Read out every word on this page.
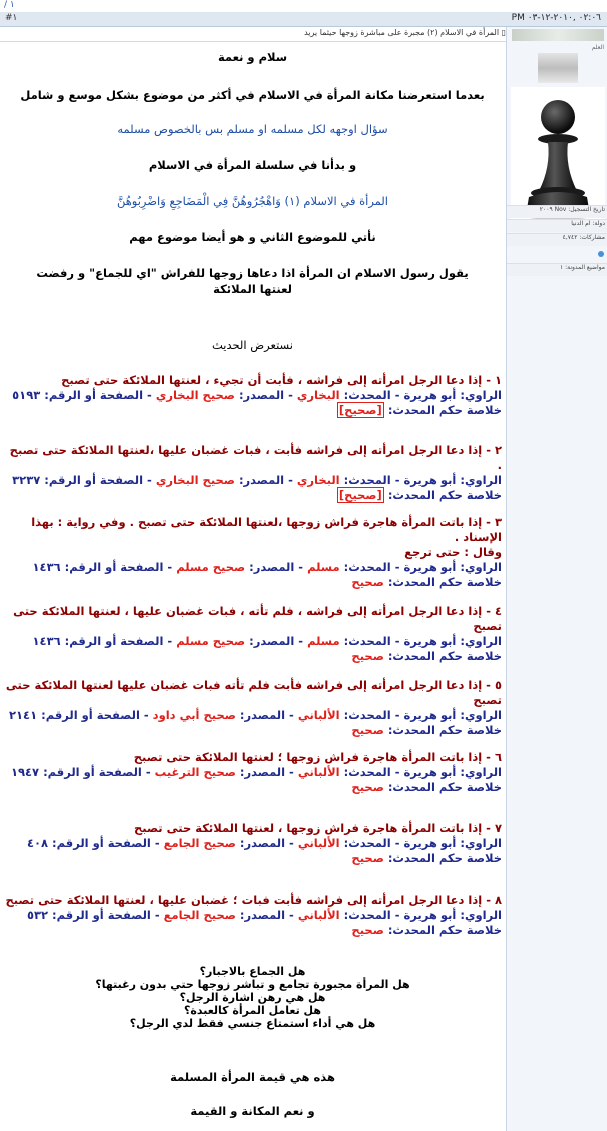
/ ١
#١	PM ٠٢:٠٦ ,٢٠١٠-١٢-٠٣
▯ المرأة في الاسلام (٢) مجبرة على مباشرة زوجها حيثما يريد
العلم
تاريخ التسجيل: Nov ٢٠٠٩
دولة: ام الدنيا
مشاركات: ٤,٧٤٢
مواضيع المدونة: ١

سلام و نعمة

بعدما استعرضنا مكانة المرأة في الاسلام في أكثر من موضوع بشكل موسع و شامل

سؤال اوجهه لكل مسلمه او مسلم بس بالخصوص مسلمه

و بدأنا في سلسلة المرأة في الاسلام

المرأة في الاسلام (١) وَاهْجُرُوهُنَّ فِي الْمَضَاجِعِ وَاضْرِبُوهُنَّ

نأتي للموضوع الثاني و هو أيضا موضوع مهم

يقول رسول الاسلام ان المرأة اذا دعاها زوجها للفراش "اي للجماع" و رفضت

لعنتها الملائكة

نستعرض الحديث

١ - إذا دعا الرجل امرأته إلى فراشه ، فأبت أن تجيء ، لعنتها الملائكة حتى تصبح

الراوي: أبو هريرة - المحدث: البخاري - المصدر: صحيح البخاري - الصفحة أو الرقم: ٥١٩٣

خلاصة حكم المحدث: [صحيح]

٢ - إذا دعا الرجل امرأته إلى فراشه فأبت ، فبات غضبان عليها ،لعنتها الملائكة حتى تصبح .

الراوي: أبو هريرة - المحدث: البخاري - المصدر: صحيح البخاري - الصفحة أو الرقم: ٣٢٣٧

خلاصة حكم المحدث: [صحيح]

٣ - إذا باتت المرأة هاجرة فراش زوجها ،لعنتها الملائكة حتى تصبح . وفي رواية : بهذا الإسناد .

وقال : حتى ترجع

الراوي: أبو هريرة - المحدث: مسلم - المصدر: صحيح مسلم - الصفحة أو الرقم: ١٤٣٦

خلاصة حكم المحدث: صحيح

٤ - إذا دعا الرجل امرأته إلى فراشه ، فلم تأته ، فبات غضبان عليها ، لعنتها الملائكة حتى تصبح

الراوي: أبو هريرة - المحدث: مسلم - المصدر: صحيح مسلم - الصفحة أو الرقم: ١٤٣٦

خلاصة حكم المحدث: صحيح

٥ - إذا دعا الرجل امرأته إلى فراشه فأبت فلم تأته فبات غضبان عليها لعنتها الملائكة حتى تصبح

الراوي: أبو هريرة - المحدث: الألباني - المصدر: صحيح أبي داود - الصفحة أو الرقم: ٢١٤١

خلاصة حكم المحدث: صحيح

٦ - إذا باتت المرأة هاجرة فراش زوجها ؛ لعنتها الملائكة حتى تصبح

الراوي: أبو هريرة - المحدث: الألباني - المصدر: صحيح الترغيب - الصفحة أو الرقم: ١٩٤٧

خلاصة حكم المحدث: صحيح

٧ - إذا باتت المرأة هاجرة فراش زوجها ، لعنتها الملائكة حتى تصبح

الراوي: أبو هريرة - المحدث: الألباني - المصدر: صحيح الجامع - الصفحة أو الرقم: ٤٠٨

خلاصة حكم المحدث: صحيح

٨ - إذا دعا الرجل امرأته إلى فراشه فأبت فبات ؛ غضبان عليها ، لعنتها الملائكة حتى تصبح

الراوي: أبو هريرة - المحدث: الألباني - المصدر: صحيح الجامع - الصفحة أو الرقم: ٥٣٢

خلاصة حكم المحدث: صحيح

هل الجماع بالاجبار؟

هل المرأة مجبورة تجامع و تباشر زوجها حتي بدون رغبتها؟

هل هي رهن اشارة الرجل؟

هل تعامل المرأة كالعبدة؟

هل هي أداء استمتاع جنسي فقط لدي الرجل؟

هذه هي قيمة المرأة المسلمة

و نعم المكانة و القيمة
